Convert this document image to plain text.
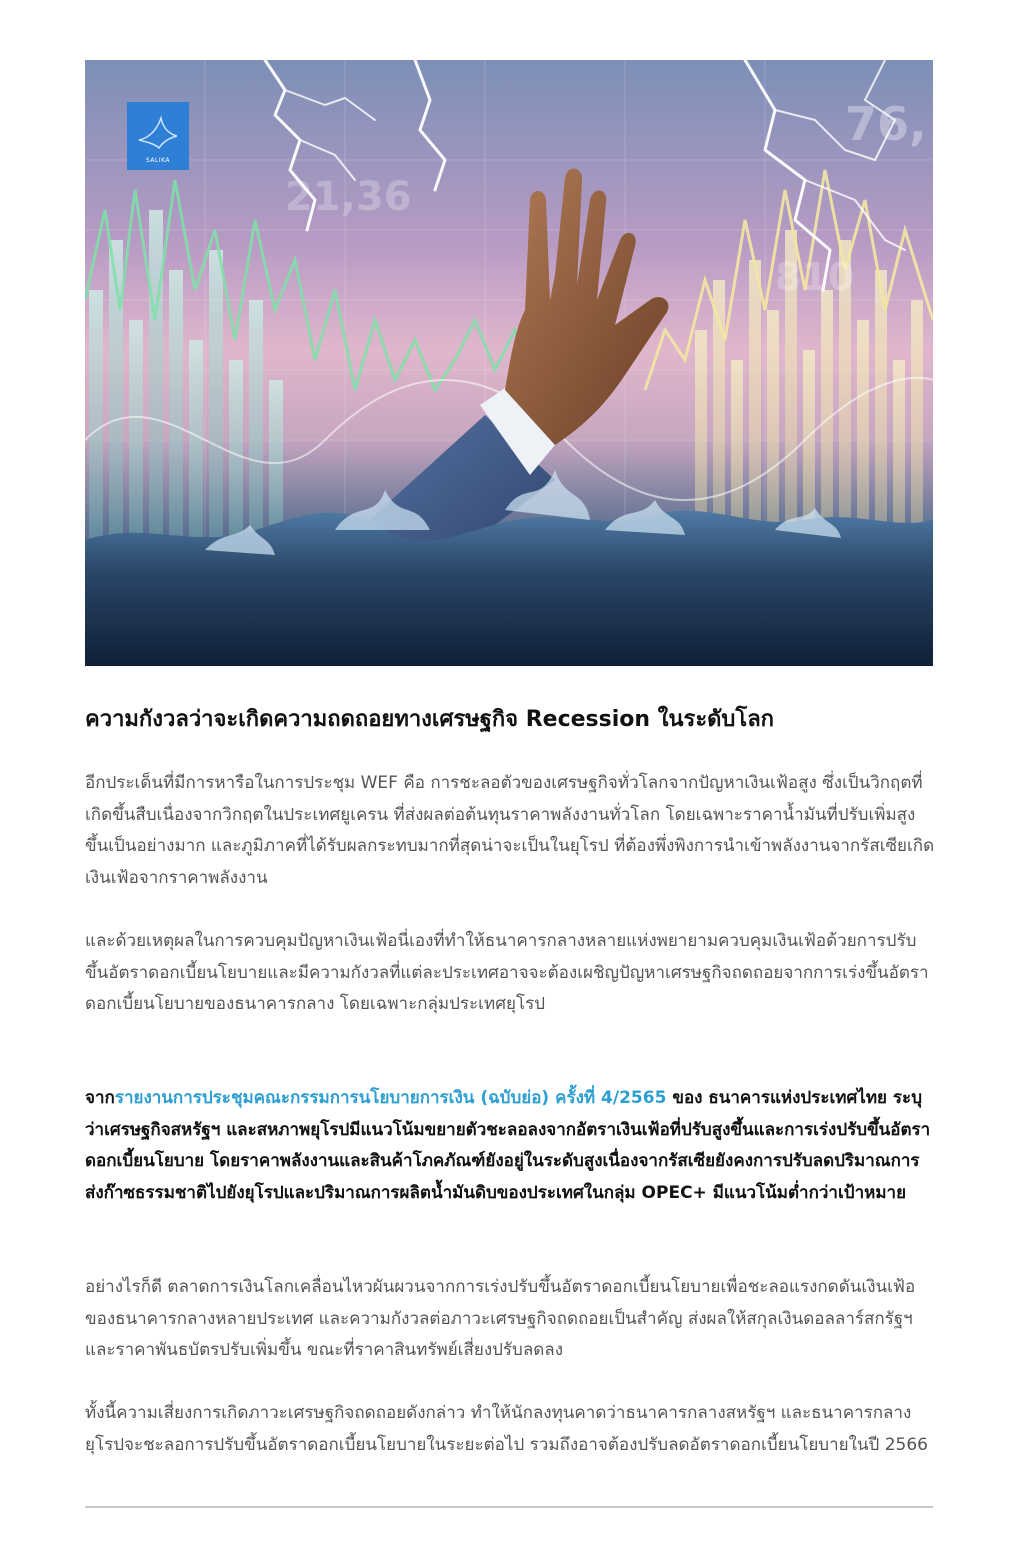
76,
21,36
810
SALIKA
ความกังวลว่าจะเกิดความถดถอยทางเศรษฐกิจ Recession ในระดับโลก

อีกประเด็นที่มีการหารือในการประชุม WEF คือ การชะลอตัวของเศรษฐกิจทั่วโลกจากปัญหาเงินเฟ้อสูง ซึ่งเป็นวิกฤตที่เกิดขึ้นสืบเนื่องจากวิกฤตในประเทศยูเครน ที่ส่งผลต่อต้นทุนราคาพลังงานทั่วโลก โดยเฉพาะราคาน้ำมันที่ปรับเพิ่มสูงขึ้นเป็นอย่างมาก และภูมิภาคที่ได้รับผลกระทบมากที่สุดน่าจะเป็นในยุโรป ที่ต้องพึ่งพิงการนำเข้าพลังงานจากรัสเซียเกิดเงินเฟ้อจากราคาพลังงาน

และด้วยเหตุผลในการควบคุมปัญหาเงินเฟ้อนี่เองที่ทำให้ธนาคารกลางหลายแห่งพยายามควบคุมเงินเฟ้อด้วยการปรับขึ้นอัตราดอกเบี้ยนโยบายและมีความกังวลที่แต่ละประเทศอาจจะต้องเผชิญปัญหาเศรษฐกิจถดถอยจากการเร่งขึ้นอัตราดอกเบี้ยนโยบายของธนาคารกลาง โดยเฉพาะกลุ่มประเทศยุโรป

จากรายงานการประชุมคณะกรรมการนโยบายการเงิน (ฉบับย่อ) ครั้งที่ 4/2565 ของ ธนาคารแห่งประเทศไทย ระบุว่าเศรษฐกิจสหรัฐฯ และสหภาพยุโรปมีแนวโน้มขยายตัวชะลอลงจากอัตราเงินเฟ้อที่ปรับสูงขึ้นและการเร่งปรับขึ้นอัตราดอกเบี้ยนโยบาย โดยราคาพลังงานและสินค้าโภคภัณฑ์ยังอยู่ในระดับสูงเนื่องจากรัสเซียยังคงการปรับลดปริมาณการส่งก๊าซธรรมชาติไปยังยุโรปและปริมาณการผลิตน้ำมันดิบของประเทศในกลุ่ม OPEC+ มีแนวโน้มต่ำกว่าเป้าหมาย

อย่างไรก็ดี ตลาดการเงินโลกเคลื่อนไหวผันผวนจากการเร่งปรับขึ้นอัตราดอกเบี้ยนโยบายเพื่อชะลอแรงกดดันเงินเฟ้อของธนาคารกลางหลายประเทศ และความกังวลต่อภาวะเศรษฐกิจถดถอยเป็นสำคัญ ส่งผลให้สกุลเงินดอลลาร์สกรัฐฯ และราคาพันธบัตรปรับเพิ่มขึ้น ขณะที่ราคาสินทรัพย์เสี่ยงปรับลดลง

ทั้งนี้ความเสี่ยงการเกิดภาวะเศรษฐกิจถดถอยดังกล่าว ทำให้นักลงทุนคาดว่าธนาคารกลางสหรัฐฯ และธนาคารกลางยุโรปจะชะลอการปรับขึ้นอัตราดอกเบี้ยนโยบายในระยะต่อไป รวมถึงอาจต้องปรับลดอัตราดอกเบี้ยนโยบายในปี 2566
